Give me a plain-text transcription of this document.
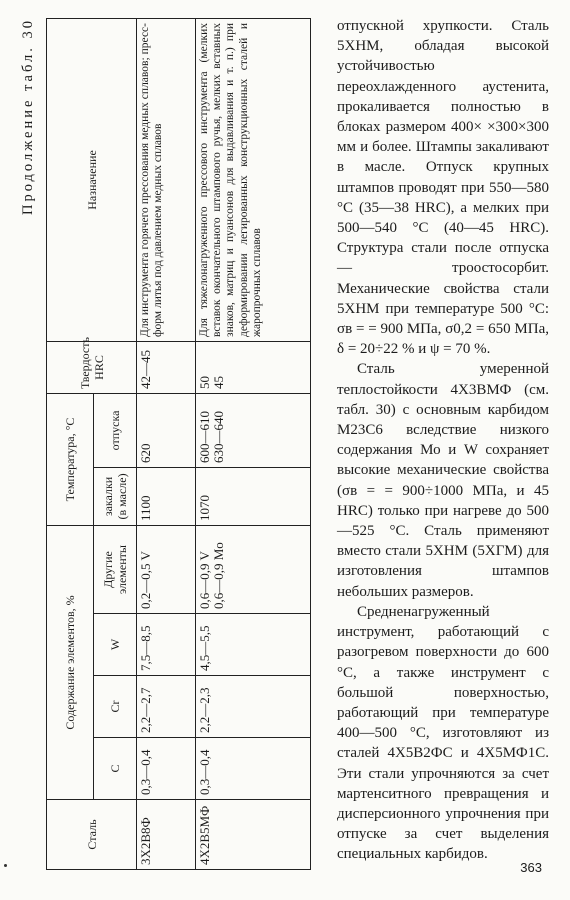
Продолжение табл. 30
Сталь	Содержание элементов, %				Температура, °С		Твердость HRC	Назначение
	С	Cr	W	Другие элементы	закалки (в масле)	отпуска		
3Х2В8Ф	0,3—0,4	2,2—2,7	7,5—8,5	0,2—0,5 V	1100	620	42—45	Для инструмента горячего прессования медных сплавов; пресс-форм литья под давлением медных сплавов
4Х2В5МФ	0,3—0,4	2,2—2,3	4,5—5,5	0,6—0,9 V 0,6—0,9 Mo	1070	600—610 630—640	50 45	Для тяжелонагруженного прессового инструмента (мелких вставок окончательного штампового ручья, мелких вставных знаков, матриц и пуансонов для выдавливания и т. п.) при деформировании легированных конструкционных сталей и жаропрочных сплавов

отпускной хрупкости. Сталь 5ХНМ, обладая высокой устойчивостью переохлажденного аустенита, прокаливается полностью в блоках размером 400× ×300×300 мм и более. Штампы закаливают в масле. Отпуск крупных штампов проводят при 550—580 °С (35—38 HRC), а мелких при 500—540 °С (40—45 HRC). Структура стали после отпуска — троостосорбит. Механические свойства стали 5ХНМ при температуре 500 °С: σв = = 900 МПа, σ0,2 = 650 МПа, δ = 20÷22 % и ψ = 70 %.

Сталь умеренной теплостойкости 4Х3ВМФ (см. табл. 30) с основным карбидом M23C6 вследствие низкого содержания Мо и W сохраняет высокие механические свойства (σв = = 900÷1000 МПа, и 45 HRC) только при нагреве до 500—525 °С. Сталь применяют вместо стали 5ХНМ (5ХГМ) для изготовления штампов небольших размеров.

Средненагруженный инструмент, работающий с разогревом поверхности до 600 °С, а также инструмент с большой поверхностью, работающий при температуре 400—500 °С, изготовляют из сталей 4Х5В2ФС и 4Х5МФ1С. Эти стали упрочняются за счет мартенситного превращения и дисперсионного упрочнения при отпуске за счет выделения специальных карбидов.

363
